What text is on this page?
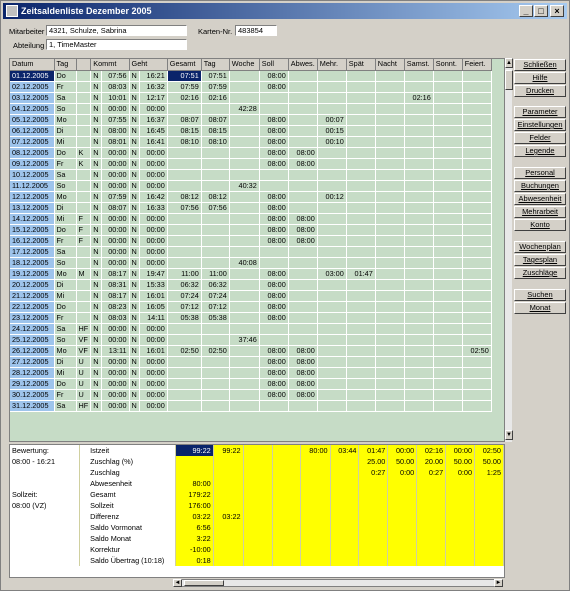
Zeitsaldenliste Dezember 2005	_	□	×
Mitarbeiter 4321, Schulze, Sabrina	Karten-Nr. 483854
Abteilung 1, TimeMaster
Datum	Tag		Kommt		Geht		Gesamt	Tag	Woche	Soll	Abwes.	Mehr.	Spät	Nacht	Samst.	Sonnt.	Feiert.
01.12.2005	Do		N	07:56	N	16:21	07:51	07:51		08:00							
02.12.2005	Fr		N	08:03	N	16:32	07:59	07:59		08:00							
03.12.2005	Sa		N	10:01	N	12:17	02:16	02:16							02:16		
04.12.2005	So		N	00:00	N	00:00			42:28								
05.12.2005	Mo		N	07:55	N	16:37	08:07	08:07		08:00		00:07					
06.12.2005	Di		N	08:00	N	16:45	08:15	08:15		08:00		00:15					
07.12.2005	Mi		N	08:01	N	16:41	08:10	08:10		08:00		00:10					
08.12.2005	Do	K	N	00:00	N	00:00				08:00	08:00						
09.12.2005	Fr	K	N	00:00	N	00:00				08:00	08:00						
10.12.2005	Sa		N	00:00	N	00:00											
11.12.2005	So		N	00:00	N	00:00			40:32								
12.12.2005	Mo		N	07:59	N	16:42	08:12	08:12		08:00		00:12					
13.12.2005	Di		N	08:07	N	16:33	07:56	07:56		08:00							
14.12.2005	Mi	F	N	00:00	N	00:00				08:00	08:00						
15.12.2005	Do	F	N	00:00	N	00:00				08:00	08:00						
16.12.2005	Fr	F	N	00:00	N	00:00				08:00	08:00						
17.12.2005	Sa		N	00:00	N	00:00											
18.12.2005	So		N	00:00	N	00:00			40:08								
19.12.2005	Mo	M	N	08:17	N	19:47	11:00	11:00		08:00		03:00	01:47				
20.12.2005	Di		N	08:31	N	15:33	06:32	06:32		08:00							
21.12.2005	Mi		N	08:17	N	16:01	07:24	07:24		08:00							
22.12.2005	Do		N	08:23	N	16:05	07:12	07:12		08:00							
23.12.2005	Fr		N	08:03	N	14:11	05:38	05:38		08:00							
24.12.2005	Sa	HF	N	00:00	N	00:00											
25.12.2005	So	VF	N	00:00	N	00:00			37:46								
26.12.2005	Mo	VF	N	13:11	N	16:01	02:50	02:50		08:00	08:00						02:50
27.12.2005	Di	U	N	00:00	N	00:00				08:00	08:00						
28.12.2005	Mi	U	N	00:00	N	00:00				08:00	08:00						
29.12.2005	Do	U	N	00:00	N	00:00				08:00	08:00						
30.12.2005	Fr	U	N	00:00	N	00:00				08:00	08:00						
31.12.2005	Sa	HF	N	00:00	N	00:00											
▲
▼
Bewertung:	Istzeit	99:22	99:22			80:00	03:44	01:47	00:00	02:16	00:00	02:50
08:00 - 16:21	Zuschlag (%)							25.00	50.00	20.00	50.00	50.00
	Zuschlag							0:27	0:00	0:27	0:00	1:25
	Abwesenheit	80:00										
Sollzeit:	Gesamt	179:22										
08:00 (VZ)	Sollzeit	176:00										
	Differenz	03:22	03:22									
	Saldo Vormonat	6:56										
	Saldo Monat	3:22										
	Korrektur	-10:00										
	Saldo Übertrag (10:18)	0:18										

◄	►
Schließen
Hilfe
Drucken
Parameter
Einstellungen
Felder
Legende
Personal
Buchungen
Abwesenheit
Mehrarbeit
Konto
Wochenplan
Tagesplan
Zuschläge
Suchen
Monat
